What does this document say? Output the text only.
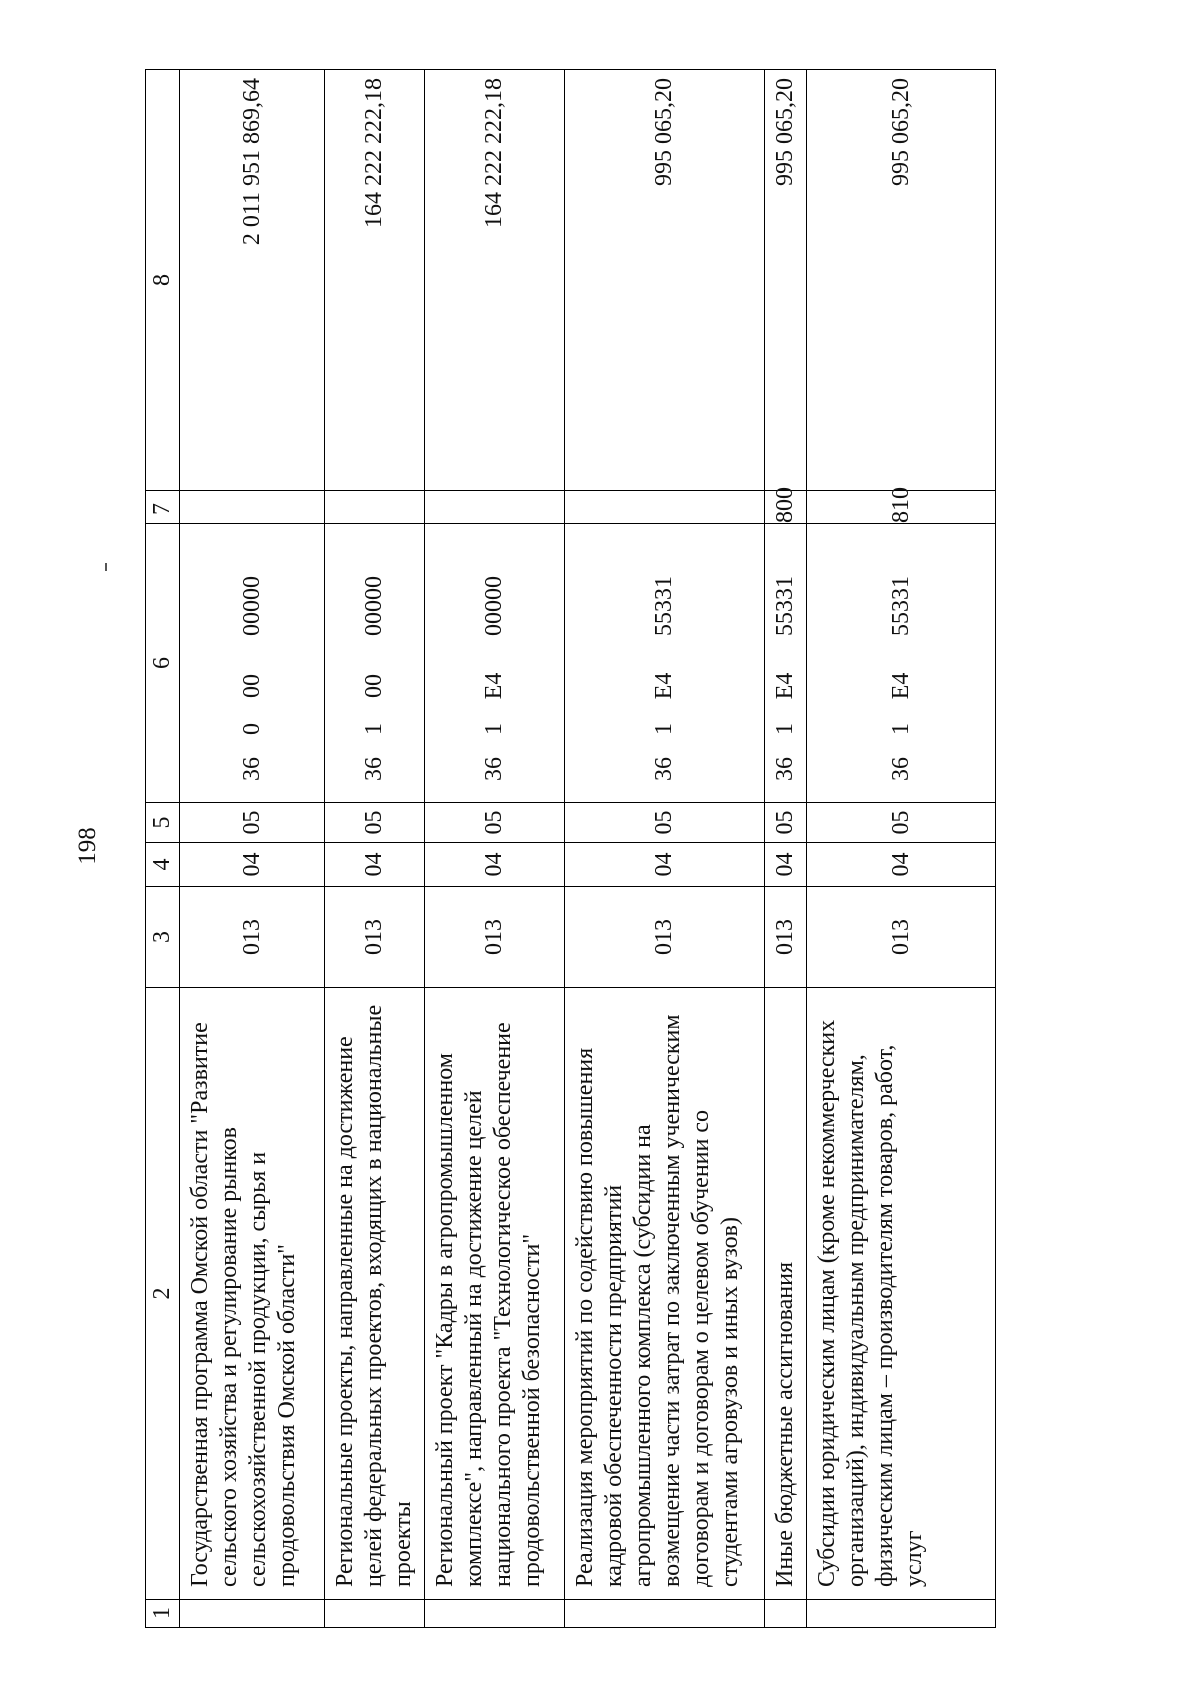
198
1	2	3	4	5	6	7	8
	Государственная программа Омской области "Развитие сельского хозяйства и регулирование рынков сельскохозяйственной продукции, сырья и продовольствия Омской области"	013	04	05	3600000000		2 011 951 869,64
	Региональные проекты, направленные на достижение целей федеральных проектов, входящих в национальные проекты	013	04	05	3610000000		164 222 222,18
	Региональный проект "Кадры в агропромышленном комплексе", направленный на достижение целей национального проекта "Технологическое обеспечение продовольственной безопасности"	013	04	05	361Е400000		164 222 222,18
	Реализация мероприятий по содействию повышения кадровой обеспеченности предприятий агропромышленного комплекса (субсидии на возмещение части затрат по заключенным ученическим договорам и договорам о целевом обучении со студентами агровузов и иных вузов)	013	04	05	361Е455331		995 065,20
	Иные бюджетные ассигнования	013	04	05	361Е455331	800	995 065,20
	Субсидии юридическим лицам (кроме некоммерческих организаций), индивидуальным предпринимателям, физическим лицам – производителям товаров, работ, услуг	013	04	05	361Е455331	810	995 065,20
